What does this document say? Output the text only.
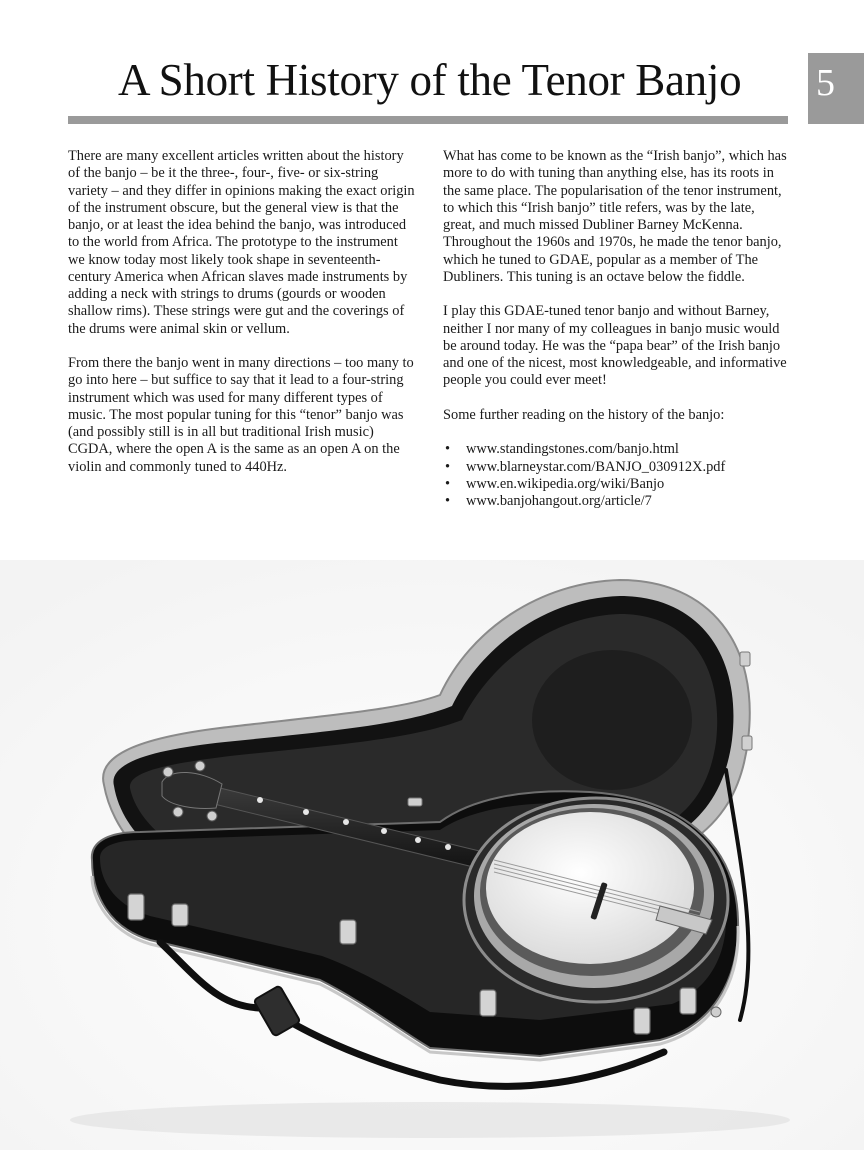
A Short History of the Tenor Banjo	5

There are many excellent articles written about the history of the banjo – be it the three-, four-, five- or six-string variety – and they differ in opinions making the exact origin of the instrument obscure, but the general view is that the banjo, or at least the idea behind the banjo, was introduced to the world from Africa. The prototype to the instrument we know today most likely took shape in seventeenth-century America when African slaves made instruments by adding a neck with strings to drums (gourds or wooden shallow rims). These strings were gut and the coverings of the drums were animal skin or vellum.

From there the banjo went in many directions – too many to go into here – but suffice to say that it lead to a four-string instrument which was used for many different types of music. The most popular tuning for this “tenor” banjo was (and possibly still is in all but traditional Irish music) CGDA, where the open A is the same as an open A on the violin and commonly tuned to 440Hz.

What has come to be known as the “Irish banjo”, which has more to do with tuning than anything else, has its roots in the same place. The popularisation of the tenor instrument, to which this “Irish banjo” title refers, was by the late, great, and much missed Dubliner Barney McKenna. Throughout the 1960s and 1970s, he made the tenor banjo, which he tuned to GDAE, popular as a member of The Dubliners. This tuning is an octave below the fiddle.

I play this GDAE-tuned tenor banjo and without Barney, neither I nor many of my colleagues in banjo music would be around today. He was the “papa bear” of the Irish banjo and one of the nicest, most knowledgeable, and informative people you could ever meet!

Some further reading on the history of the banjo:

• www.standingstones.com/banjo.html
• www.blarneystar.com/BANJO_030912X.pdf
• www.en.wikipedia.org/wiki/Banjo
• www.banjohangout.org/article/7
